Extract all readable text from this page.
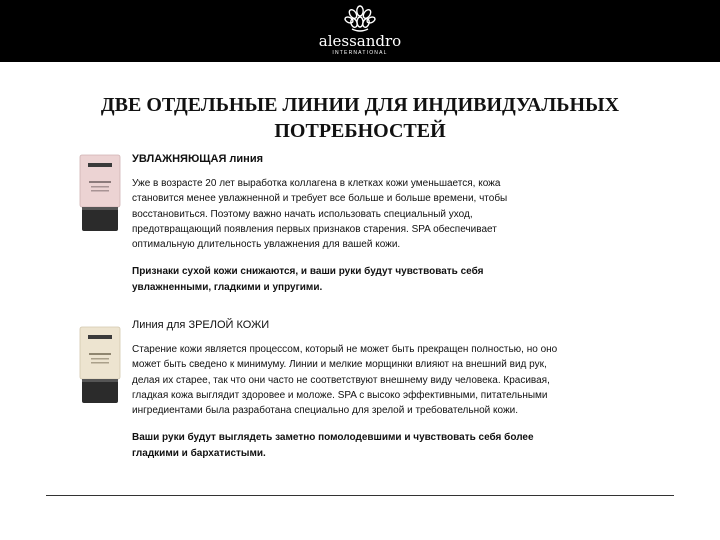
alessandro
INTERNATIONAL
ДВЕ ОТДЕЛЬНЫЕ ЛИНИИ ДЛЯ ИНДИВИДУАЛЬНЫХ
ПОТРЕБНОСТЕЙ

УВЛАЖНЯЮЩАЯ линия

Уже в возрасте 20 лет выработка коллагена в клетках кожи уменьшается, кожа
становится менее увлажненной и требует все больше и больше времени, чтобы
восстановиться. Поэтому важно начать использовать специальный уход,
предотвращающий появления первых признаков старения. SPA обеспечивает
оптимальную длительность увлажнения для вашей кожи.

Признаки сухой кожи снижаются, и ваши руки будут чувствовать себя
увлажненными, гладкими и упругими.

Линия для ЗРЕЛОЙ КОЖИ

Старение кожи является процессом, который не может быть прекращен полностью, но оно
может быть сведено к минимуму. Линии и мелкие морщинки влияют на внешний вид рук,
делая их старее, так что они часто не соответствуют внешнему виду человека. Красивая,
гладкая кожа выглядит здоровее и моложе. SPA с высоко эффективными, питательными
ингредиентами была разработана специально для зрелой и требовательной кожи.

Ваши руки будут выглядеть заметно помолодевшими и чувствовать себя более
гладкими и бархатистыми.
